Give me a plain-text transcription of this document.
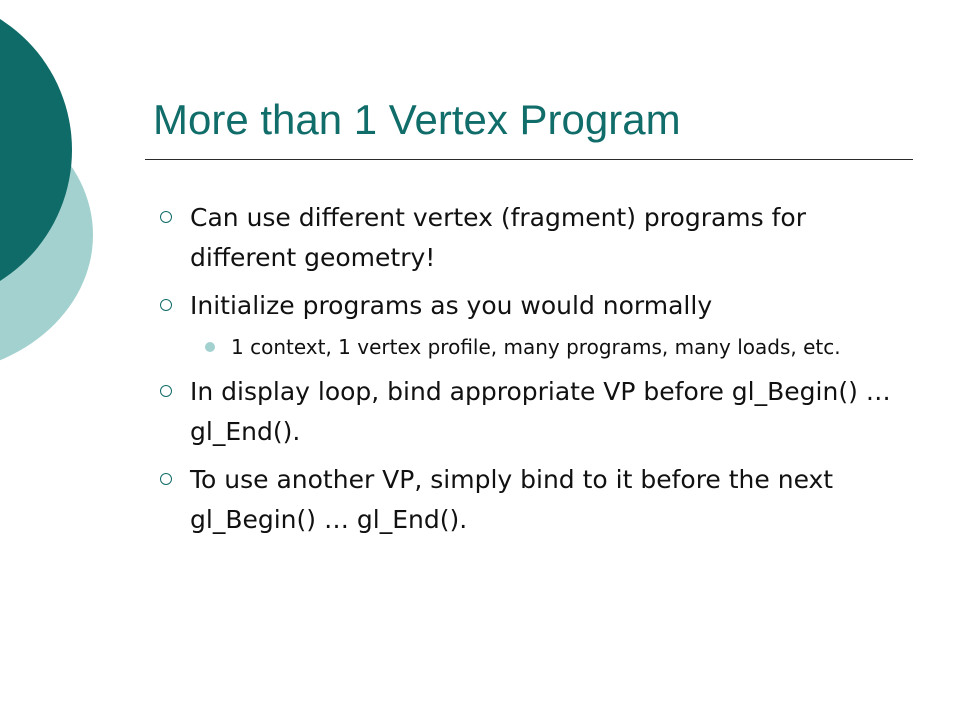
More than 1 Vertex Program
Can use different vertex (fragment) programs for different geometry!
Initialize programs as you would normally
1 context, 1 vertex profile, many programs, many loads, etc.
In display loop, bind appropriate VP before gl_Begin() … gl_End().
To use another VP, simply bind to it before the next gl_Begin() … gl_End().
